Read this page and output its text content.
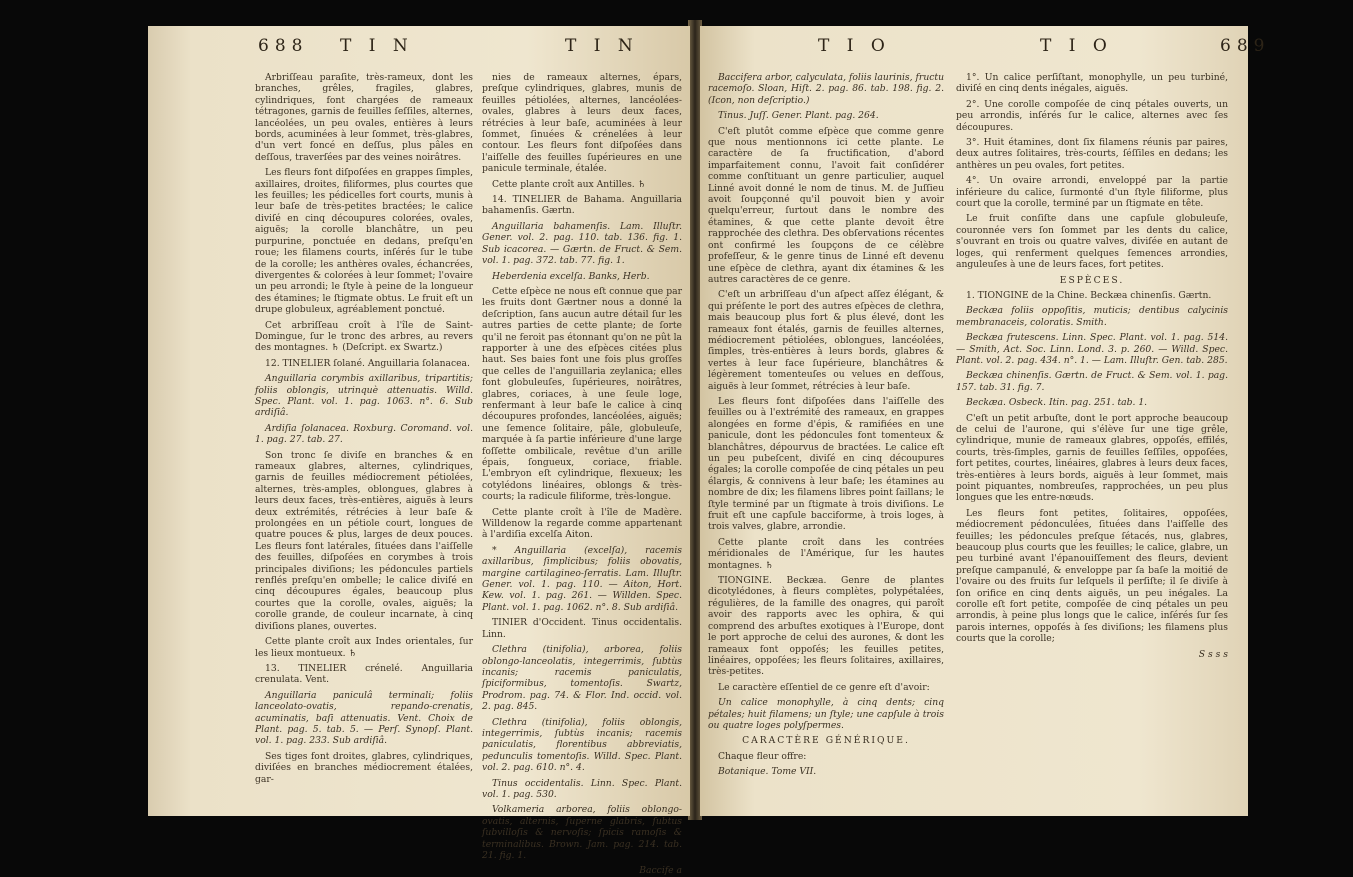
688 T I N	T I N	T I O	T I O	689

Arbriſſeau paraſite, très-rameux, dont les branches, grêles, fragiles, glabres, cylindriques, font chargées de rameaux tétragones, garnis de feuilles ſeſſiles, alternes, lancéolées, un peu ovales, entières à leurs bords, acuminées à leur ſommet, très-glabres, d'un vert foncé en deſſus, plus pâles en deſſous, traverſées par des veines noirâtres.

Les fleurs font diſpoſées en grappes ſimples, axillaires, droites, filiformes, plus courtes que les feuilles; les pédicelles fort courts, munis à leur baſe de très-petites bractées; le calice diviſé en cinq découpures colorées, ovales, aiguës; la corolle blanchâtre, un peu purpurine, ponctuée en dedans, preſqu'en roue; les filamens courts, inſérés ſur le tube de la corolle; les anthères ovales, échancrées, divergentes & colorées à leur ſommet; l'ovaire un peu arrondi; le ſtyle à peine de la longueur des étamines; le ſtigmate obtus. Le fruit eſt un drupe globuleux, agréablement ponctué.

Cet arbriſſeau croît à l'île de Saint-Domingue, ſur le tronc des arbres, au revers des montagnes. ♄ (Deſcript. ex Swartz.)

12. TINELIER ſolané. Anguillaria ſolanacea.

Anguillaria corymbis axillaribus, tripartitis; foliis oblongis, utrinquè attenuatis. Willd. Spec. Plant. vol. 1. pag. 1063. n°. 6. Sub ardiſiâ.

Ardiſia ſolanacea. Roxburg. Coromand. vol. 1. pag. 27. tab. 27.

Son tronc ſe diviſe en branches & en rameaux glabres, alternes, cylindriques, garnis de feuilles médiocrement pétiolées, alternes, très-amples, oblongues, glabres à leurs deux faces, très-entières, aiguës à leurs deux extrémités, rétrécies à leur baſe & prolongées en un pétiole court, longues de quatre pouces & plus, larges de deux pouces. Les fleurs font latérales, ſituées dans l'aiſſelle des feuilles, diſpoſées en corymbes à trois principales diviſions; les pédoncules partiels renflés preſqu'en ombelle; le calice diviſé en cinq découpures égales, beaucoup plus courtes que la corolle, ovales, aiguës; la corolle grande, de couleur incarnate, à cinq diviſions planes, ouvertes.

Cette plante croît aux Indes orientales, ſur les lieux montueux. ♄

13. TINELIER crénelé. Anguillaria crenulata. Vent.

Anguillaria paniculâ terminali; foliis lanceolato-ovatis, repando-crenatis, acuminatis, baſi attenuatis. Vent. Choix de Plant. pag. 5. tab. 5. — Perſ. Synopſ. Plant. vol. 1. pag. 233. Sub ardiſiâ.

Ses tiges font droites, glabres, cylindriques, diviſées en branches médiocrement étalées, gar-

nies de rameaux alternes, épars, preſque cylindriques, glabres, munis de feuilles pétiolées, alternes, lancéolées-ovales, glabres à leurs deux faces, rétrécies à leur baſe, acuminées à leur ſommet, ſinuées & crénelées à leur contour. Les fleurs font diſpoſées dans l'aiſſelle des feuilles ſupérieures en une panicule terminale, étalée.

Cette plante croît aux Antilles. ♄

14. TINELIER de Bahama. Anguillaria bahamenſis. Gærtn.

Anguillaria bahamenſis. Lam. Illuſtr. Gener. vol. 2. pag. 110. tab. 136. fig. 1. Sub icacorea. — Gærtn. de Fruct. & Sem. vol. 1. pag. 372. tab. 77. fig. 1.

Heberdenia excelſa. Banks, Herb.

Cette eſpèce ne nous eſt connue que par les fruits dont Gærtner nous a donné la deſcription, ſans aucun autre détail ſur les autres parties de cette plante; de ſorte qu'il ne feroit pas étonnant qu'on ne pût la rapporter à une des eſpèces citées plus haut. Ses baies font une fois plus groſſes que celles de l'anguillaria zeylanica; elles font globuleuſes, ſupérieures, noirâtres, glabres, coriaces, à une ſeule loge, renfermant à leur baſe le calice à cinq découpures profondes, lancéolées, aiguës; une ſemence ſolitaire, pâle, globuleuſe, marquée à ſa partie inférieure d'une large foſſette ombilicale, revêtue d'un arille épais, ſongueux, coriace, friable. L'embryon eſt cylindrique, flexueux; les cotylédons linéaires, oblongs & très-courts; la radicule filiforme, très-longue.

Cette plante croît à l'île de Madère. Willdenow la regarde comme appartenant à l'ardiſia excelſa Aiton.

* Anguillaria (excelſa), racemis axillaribus, ſimplicibus; foliis obovatis, margine cartilagineo-ſerratis. Lam. Illuſtr. Gener. vol. 1. pag. 110. — Aiton, Hort. Kew. vol. 1. pag. 261. — Willden. Spec. Plant. vol. 1. pag. 1062. n°. 8. Sub ardiſiâ.

TINIER d'Occident. Tinus occidentalis. Linn.

Clethra (tinifolia), arborea, foliis oblongo-lanceolatis, integerrimis, ſubtùs incanis; racemis paniculatis, ſpiciformibus, tomentoſis. Swartz, Prodrom. pag. 74. & Flor. Ind. occid. vol. 2. pag. 845.

Clethra (tinifolia), foliis oblongis, integerrimis, ſubtùs incanis; racemis paniculatis, florentibus abbreviatis, pedunculis tomentoſis. Willd. Spec. Plant. vol. 2. pag. 610. n°. 4.

Tinus occidentalis. Linn. Spec. Plant. vol. 1. pag. 530.

Volkameria arborea, foliis oblongo-ovatis, alternis, ſuperne glabris, ſubtus ſubvilloſis & nervoſis; ſpicis ramoſis & terminalibus. Brown. Jam. pag. 214. tab. 21. fig. 1.

Baccife a

Baccifera arbor, calyculata, foliis laurinis, fructu racemoſo. Sloan, Hiſt. 2. pag. 86. tab. 198. fig. 2. (Icon, non deſcriptio.)

Tinus. Juſſ. Gener. Plant. pag. 264.

C'eſt plutôt comme eſpèce que comme genre que nous mentionnons ici cette plante. Le caractère de ſa fructification, d'abord imparfaitement connu, l'avoit fait conſidérer comme conſtituant un genre particulier, auquel Linné avoit donné le nom de tinus. M. de Juſſieu avoit ſoupçonné qu'il pouvoit bien y avoir quelqu'erreur, ſurtout dans le nombre des étamines, & que cette plante devoit être rapprochée des clethra. Des obſervations récentes ont confirmé les ſoupçons de ce célèbre profeſſeur, & le genre tinus de Linné eſt devenu une eſpèce de clethra, ayant dix étamines & les autres caractères de ce genre.

C'eſt un arbriſſeau d'un aſpect aſſez élégant, & qui préſente le port des autres eſpèces de clethra, mais beaucoup plus fort & plus élevé, dont les rameaux font étalés, garnis de feuilles alternes, médiocrement pétiolées, oblongues, lancéolées, ſimples, très-entières à leurs bords, glabres & vertes à leur face ſupérieure, blanchâtres & légèrement tomenteuſes ou velues en deſſous, aiguës à leur ſommet, rétrécies à leur baſe.

Les fleurs font diſpoſées dans l'aiſſelle des feuilles ou à l'extrémité des rameaux, en grappes alongées en forme d'épis, & ramifiées en une panicule, dont les pédoncules font tomenteux & blanchâtres, dépourvus de bractées. Le calice eſt un peu pubeſcent, diviſé en cinq découpures égales; la corolle compoſée de cinq pétales un peu élargis, & connivens à leur baſe; les étamines au nombre de dix; les filamens libres point ſaillans; le ſtyle terminé par un ſtigmate à trois diviſions. Le fruit eſt une capſule bacciforme, à trois loges, à trois valves, glabre, arrondie.

Cette plante croît dans les contrées méridionales de l'Amérique, ſur les hautes montagnes. ♄

TIONGINE. Beckæa. Genre de plantes dicotylédones, à fleurs complètes, polypétalées, régulières, de la famille des onagres, qui paroît avoir des rapports avec les ophira, & qui comprend des arbuſtes exotiques à l'Europe, dont le port approche de celui des aurones, & dont les rameaux font oppoſés; les feuilles petites, linéaires, oppoſées; les fleurs ſolitaires, axillaires, très-petites.

Le caractère eſſentiel de ce genre eſt d'avoir:

Un calice monophylle, à cinq dents; cinq pétales; huit filamens; un ſtyle; une capſule à trois ou quatre loges polyſpermes.

CARACTÈRE GÉNÉRIQUE.

Chaque fleur offre:

Botanique. Tome VII.

1°. Un calice perſiſtant, monophylle, un peu turbiné, diviſé en cinq dents inégales, aiguës.

2°. Une corolle compoſée de cinq pétales ouverts, un peu arrondis, inſérés ſur le calice, alternes avec ſes découpures.

3°. Huit étamines, dont ſix filamens réunis par paires, deux autres ſolitaires, très-courts, ſéſſiles en dedans; les anthères un peu ovales, fort petites.

4°. Un ovaire arrondi, enveloppé par la partie inférieure du calice, ſurmonté d'un ſtyle filiforme, plus court que la corolle, terminé par un ſtigmate en tête.

Le fruit conſiſte dans une capſule globuleuſe, couronnée vers ſon ſommet par les dents du calice, s'ouvrant en trois ou quatre valves, diviſée en autant de loges, qui renferment quelques ſemences arrondies, anguleuſes à une de leurs faces, fort petites.

ESPÈCES.

1. TIONGINE de la Chine. Beckæa chinenſis. Gærtn.

Beckæa foliis oppoſitis, muticis; dentibus calycinis membranaceis, coloratis. Smith.

Beckæa frutescens. Linn. Spec. Plant. vol. 1. pag. 514. — Smith, Act. Soc. Linn. Lond. 3. p. 260. — Willd. Spec. Plant. vol. 2. pag. 434. n°. 1. — Lam. Illuſtr. Gen. tab. 285.

Beckæa chinenſis. Gærtn. de Fruct. & Sem. vol. 1. pag. 157. tab. 31. fig. 7.

Beckæa. Osbeck. Itin. pag. 251. tab. 1.

C'eſt un petit arbuſte, dont le port approche beaucoup de celui de l'aurone, qui s'élève ſur une tige grêle, cylindrique, munie de rameaux glabres, oppoſés, effilés, courts, très-ſimples, garnis de feuilles ſeſſiles, oppoſées, fort petites, courtes, linéaires, glabres à leurs deux faces, très-entières à leurs bords, aiguës à leur ſommet, mais point piquantes, nombreuſes, rapprochées, un peu plus longues que les entre-nœuds.

Les fleurs font petites, ſolitaires, oppoſées, médiocrement pédonculées, ſituées dans l'aiſſelle des feuilles; les pédoncules preſque ſétacés, nus, glabres, beaucoup plus courts que les feuilles; le calice, glabre, un peu turbiné avant l'épanouiſſement des fleurs, devient preſque campanulé, & enveloppe par ſa baſe la moitié de l'ovaire ou des fruits ſur leſquels il perſiſte; il ſe diviſe à ſon orifice en cinq dents aiguës, un peu inégales. La corolle eſt fort petite, compoſée de cinq pétales un peu arrondis, à peine plus longs que le calice, inſérés ſur ſes parois internes, oppoſés à ſes diviſions; les filamens plus courts que la corolle;

S s s s
